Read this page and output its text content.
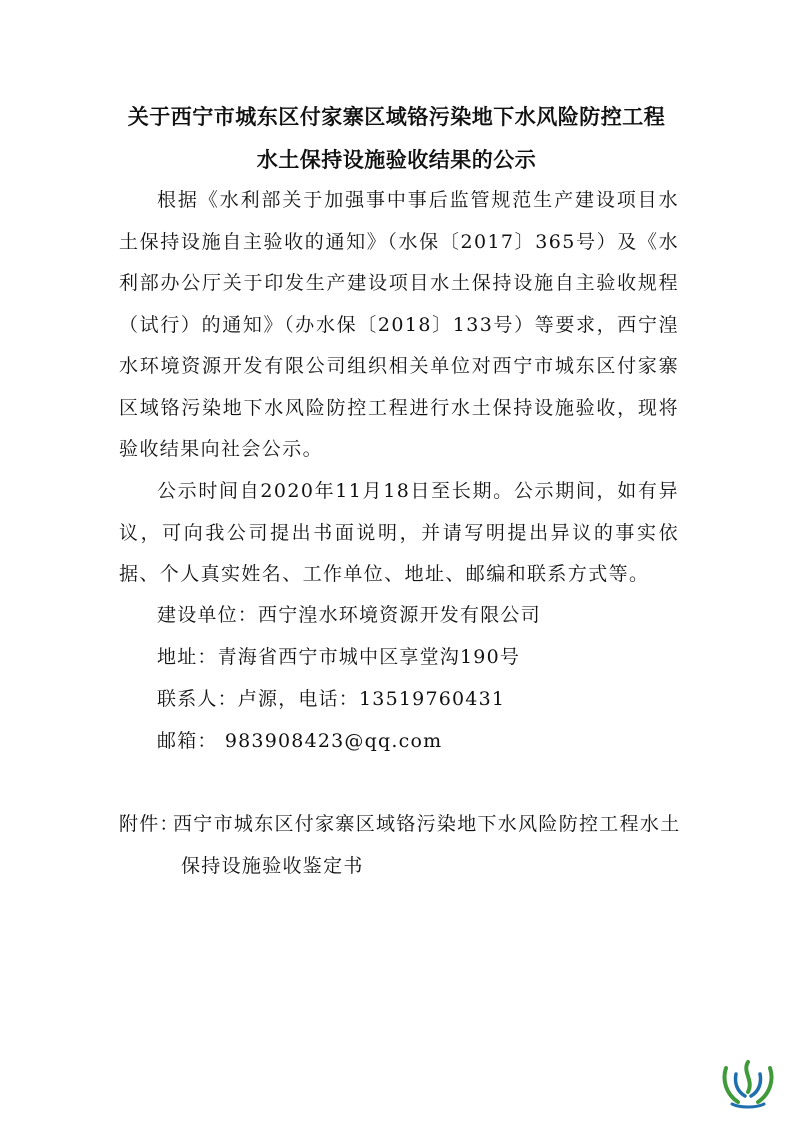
关于西宁市城东区付家寨区域铬污染地下水风险防控工程
水土保持设施验收结果的公示

根据《水利部关于加强事中事后监管规范生产建设项目水土保持设施自主验收的通知》（水保〔2017〕365号）及《水利部办公厅关于印发生产建设项目水土保持设施自主验收规程（试行）的通知》（办水保〔2018〕133号）等要求，西宁湟水环境资源开发有限公司组织相关单位对西宁市城东区付家寨区域铬污染地下水风险防控工程进行水土保持设施验收，现将验收结果向社会公示。

公示时间自2020年11月18日至长期。公示期间，如有异议，可向我公司提出书面说明，并请写明提出异议的事实依据、个人真实姓名、工作单位、地址、邮编和联系方式等。

建设单位：西宁湟水环境资源开发有限公司
地址：青海省西宁市城中区享堂沟190号
联系人：卢源，电话：13519760431
邮箱： 983908423@qq.com
附件：
西宁市城东区付家寨区域铬污染地下水风险防控工程水土
保持设施验收鉴定书
